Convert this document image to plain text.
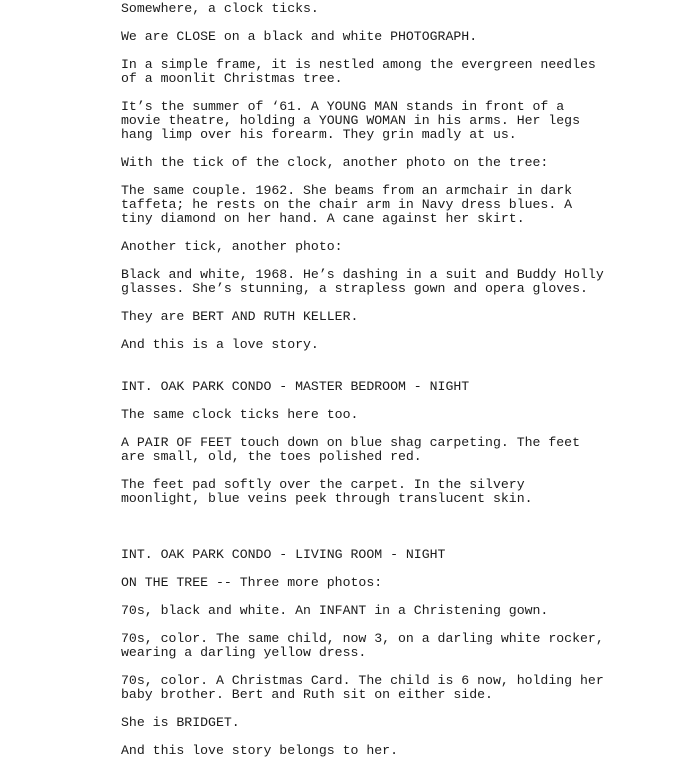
Somewhere, a clock ticks.

We are CLOSE on a black and white PHOTOGRAPH.

In a simple frame, it is nestled among the evergreen needles
of a moonlit Christmas tree.

It’s the summer of ‘61. A YOUNG MAN stands in front of a
movie theatre, holding a YOUNG WOMAN in his arms. Her legs
hang limp over his forearm. They grin madly at us.

With the tick of the clock, another photo on the tree:

The same couple. 1962. She beams from an armchair in dark
taffeta; he rests on the chair arm in Navy dress blues. A
tiny diamond on her hand. A cane against her skirt.

Another tick, another photo:

Black and white, 1968. He’s dashing in a suit and Buddy Holly
glasses. She’s stunning, a strapless gown and opera gloves.

They are BERT AND RUTH KELLER.

And this is a love story.

INT. OAK PARK CONDO - MASTER BEDROOM - NIGHT

The same clock ticks here too.

A PAIR OF FEET touch down on blue shag carpeting. The feet
are small, old, the toes polished red.

The feet pad softly over the carpet. In the silvery
moonlight, blue veins peek through translucent skin.

INT. OAK PARK CONDO - LIVING ROOM - NIGHT

ON THE TREE -- Three more photos:

70s, black and white. An INFANT in a Christening gown.

70s, color. The same child, now 3, on a darling white rocker,
wearing a darling yellow dress.

70s, color. A Christmas Card. The child is 6 now, holding her
baby brother. Bert and Ruth sit on either side.

She is BRIDGET.

And this love story belongs to her.
